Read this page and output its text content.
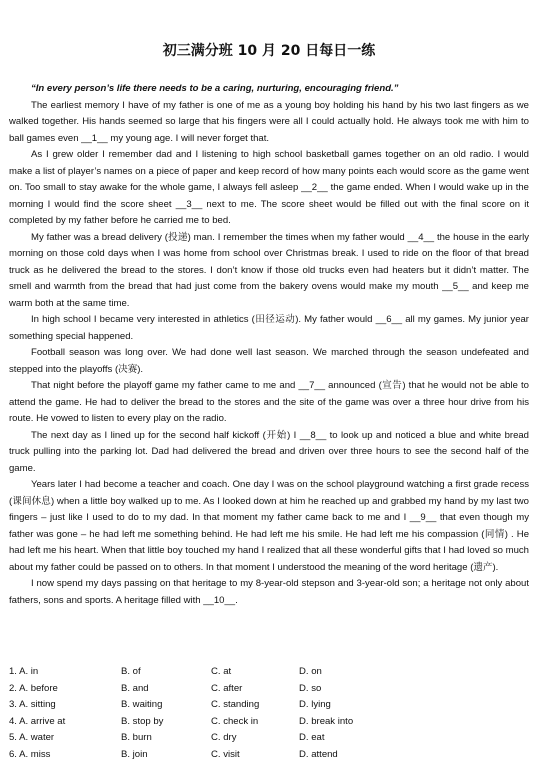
初三满分班 10 月 20 日每日一练

“In every person’s life there needs to be a caring, nurturing, encouraging friend.”

The earliest memory I have of my father is one of me as a young boy holding his hand by his two last fingers as we walked together. His hands seemed so large that his fingers were all I could actually hold. He always took me with him to ball games even __1__ my young age. I will never forget that.

As I grew older I remember dad and I listening to high school basketball games together on an old radio. I would make a list of player’s names on a piece of paper and keep record of how many points each would score as the game went on. Too small to stay awake for the whole game, I always fell asleep __2__ the game ended. When I would wake up in the morning I would find the score sheet __3__ next to me. The score sheet would be filled out with the final score on it completed by my father before he carried me to bed.

My father was a bread delivery (投递) man. I remember the times when my father would __4__ the house in the early morning on those cold days when I was home from school over Christmas break. I used to ride on the floor of that bread truck as he delivered the bread to the stores. I don’t know if those old trucks even had heaters but it didn’t matter. The smell and warmth from the bread that had just come from the bakery ovens would make my mouth __5__ and keep me warm both at the same time.

In high school I became very interested in athletics (田径运动). My father would __6__ all my games. My junior year something special happened.

Football season was long over. We had done well last season. We marched through the season undefeated and stepped into the playoffs (决赛).

That night before the playoff game my father came to me and __7__ announced (宣告) that he would not be able to attend the game. He had to deliver the bread to the stores and the site of the game was over a three hour drive from his route. He vowed to listen to every play on the radio.

The next day as I lined up for the second half kickoff (开始) I __8__ to look up and noticed a blue and white bread truck pulling into the parking lot. Dad had delivered the bread and driven over three hours to see the second half of the game.

Years later I had become a teacher and coach. One day I was on the school playground watching a first grade recess (课间休息) when a little boy walked up to me. As I looked down at him he reached up and grabbed my hand by my last two fingers – just like I used to do to my dad. In that moment my father came back to me and I __9__ that even though my father was gone – he had left me something behind. He had left me his smile. He had left me his compassion (同情) . He had left me his heart. When that little boy touched my hand I realized that all these wonderful gifts that I had loved so much about my father could be passed on to others. In that moment I understood the meaning of the word heritage (遗产).

I now spend my days passing on that heritage to my 8-year-old stepson and 3-year-old son; a heritage not only about fathers, sons and sports. A heritage filled with __10__.

1. A. in	B. of	C. at	D. on
2. A. before	B. and	C. after	D. so
3. A. sitting	B. waiting	C. standing	D. lying
4. A. arrive at	B. stop by	C. check in	D. break into
5. A. water	B. burn	C. dry	D. eat
6. A. miss	B. join	C. visit	D. attend
